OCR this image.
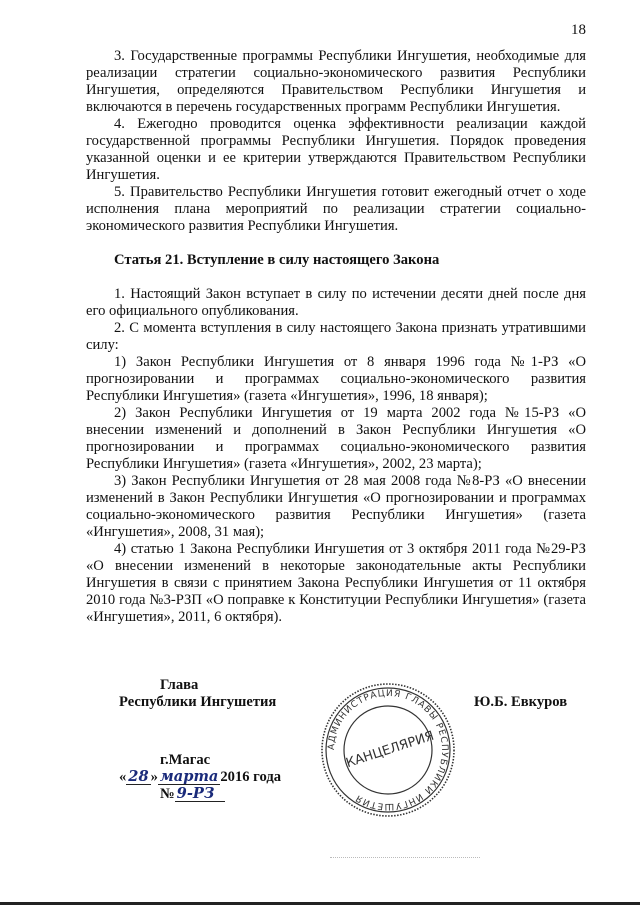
18

3. Государственные программы Республики Ингушетия, необходимые для реализации стратегии социально-экономического развития Республики Ингушетия, определяются Правительством Республики Ингушетия и включаются в перечень государственных программ Республики Ингушетия.

4. Ежегодно проводится оценка эффективности реализации каждой государственной программы Республики Ингушетия. Порядок проведения указанной оценки и ее критерии утверждаются Правительством Республики Ингушетия.

5. Правительство Республики Ингушетия готовит ежегодный отчет о ходе исполнения плана мероприятий по реализации стратегии социально-экономического развития Республики Ингушетия.

Статья 21. Вступление в силу настоящего Закона

1. Настоящий Закон вступает в силу по истечении десяти дней после дня его официального опубликования.

2. С момента вступления в силу настоящего Закона признать утратившими силу:

1) Закон Республики Ингушетия от 8 января 1996 года №1-РЗ «О прогнозировании и программах социально-экономического развития Республики Ингушетия» (газета «Ингушетия», 1996, 18 января);

2) Закон Республики Ингушетия от 19 марта 2002 года №15-РЗ «О внесении изменений и дополнений в Закон Республики Ингушетия «О прогнозировании и программах социально-экономического развития Республики Ингушетия» (газета «Ингушетия», 2002, 23 марта);

3) Закон Республики Ингушетия от 28 мая 2008 года №8-РЗ «О внесении изменений в Закон Республики Ингушетия «О прогнозировании и программах социально-экономического развития Республики Ингушетия» (газета «Ингушетия», 2008, 31 мая);

4) статью 1 Закона Республики Ингушетия от 3 октября 2011 года №29-РЗ «О внесении изменений в некоторые законодательные акты Республики Ингушетия в связи с принятием Закона Республики Ингушетия от 11 октября 2010 года №3-РЗП «О поправке к Конституции Республики Ингушетия» (газета «Ингушетия», 2011, 6 октября).

Глава
Республики Ингушетия	Ю.Б. Евкуров
г.Магас
« 28 » марта 2016 года
№ 9-РЗ
АДМИНИСТРАЦИЯ ГЛАВЫ РЕСПУБЛИКИ ИНГУШЕТИЯ
КАНЦЕЛЯРИЯ
